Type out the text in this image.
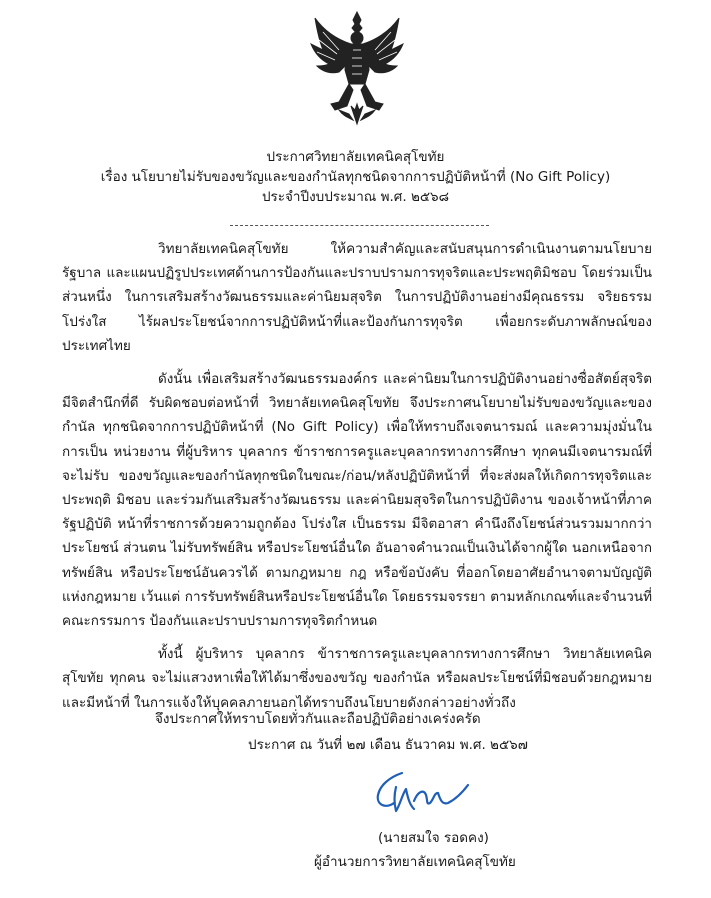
ประกาศวิทยาลัยเทคนิคสุโขทัย
เรื่อง นโยบายไม่รับของขวัญและของกำนัลทุกชนิดจากการปฏิบัติหน้าที่ (No Gift Policy)
ประจำปีงบประมาณ พ.ศ. ๒๕๖๘

วิทยาลัยเทคนิคสุโขทัย ให้ความสำคัญและสนับสนุนการดำเนินงานตามนโยบายรัฐบาล และแผนปฏิรูปประเทศด้านการป้องกันและปราบปรามการทุจริตและประพฤติมิชอบ โดยร่วมเป็นส่วนหนึ่ง ในการเสริมสร้างวัฒนธรรมและค่านิยมสุจริต ในการปฏิบัติงานอย่างมีคุณธรรม จริยธรรมโปร่งใส ไร้ผลประโยชน์จากการปฏิบัติหน้าที่และป้องกันการทุจริต เพื่อยกระดับภาพลักษณ์ของประเทศไทย

ดังนั้น เพื่อเสริมสร้างวัฒนธรรมองค์กร และค่านิยมในการปฏิบัติงานอย่างซื่อสัตย์สุจริต มีจิตสำนึกที่ดี รับผิดชอบต่อหน้าที่ วิทยาลัยเทคนิคสุโขทัย จึงประกาศนโยบายไม่รับของขวัญและของกำนัล ทุกชนิดจากการปฏิบัติหน้าที่ (No Gift Policy) เพื่อให้ทราบถึงเจตนารมณ์ และความมุ่งมั่นในการเป็น หน่วยงาน ที่ผู้บริหาร บุคลากร ข้าราชการครูและบุคลากรทางการศึกษา ทุกคนมีเจตนารมณ์ที่จะไม่รับ ของขวัญและของกำนัลทุกชนิดในขณะ/ก่อน/หลังปฏิบัติหน้าที่ ที่จะส่งผลให้เกิดการทุจริตและประพฤติ มิชอบ และร่วมกันเสริมสร้างวัฒนธรรม และค่านิยมสุจริตในการปฏิบัติงาน ของเจ้าหน้าที่ภาครัฐปฏิบัติ หน้าที่ราชการด้วยความถูกต้อง โปร่งใส เป็นธรรม มีจิตอาสา คำนึงถึงโยชน์ส่วนรวมมากกว่าประโยชน์ ส่วนตน ไม่รับทรัพย์สิน หรือประโยชน์อื่นใด อันอาจคำนวณเป็นเงินได้จากผู้ใด นอกเหนือจากทรัพย์สิน หรือประโยชน์อันควรได้ ตามกฎหมาย กฎ หรือข้อบังคับ ที่ออกโดยอาศัยอำนาจตามบัญญัติแห่งกฎหมาย เว้นแต่ การรับทรัพย์สินหรือประโยชน์อื่นใด โดยธรรมจรรยา ตามหลักเกณฑ์และจำนวนที่คณะกรรมการ ป้องกันและปราบปรามการทุจริตกำหนด

ทั้งนี้ ผู้บริหาร บุคลากร ข้าราชการครูและบุคลากรทางการศึกษา วิทยาลัยเทคนิคสุโขทัย ทุกคน จะไม่แสวงหาเพื่อให้ได้มาซึ่งของขวัญ ของกำนัล หรือผลประโยชน์ที่มิชอบด้วยกฎหมาย และมีหน้าที่ ในการแจ้งให้บุคคลภายนอกได้ทราบถึงนโยบายดังกล่าวอย่างทั่วถึง

จึงประกาศให้ทราบโดยทั่วกันและถือปฏิบัติอย่างเคร่งครัด
ประกาศ ณ วันที่ ๒๗ เดือน ธันวาคม พ.ศ. ๒๕๖๗
(นายสมใจ รอดคง)
ผู้อำนวยการวิทยาลัยเทคนิคสุโขทัย
